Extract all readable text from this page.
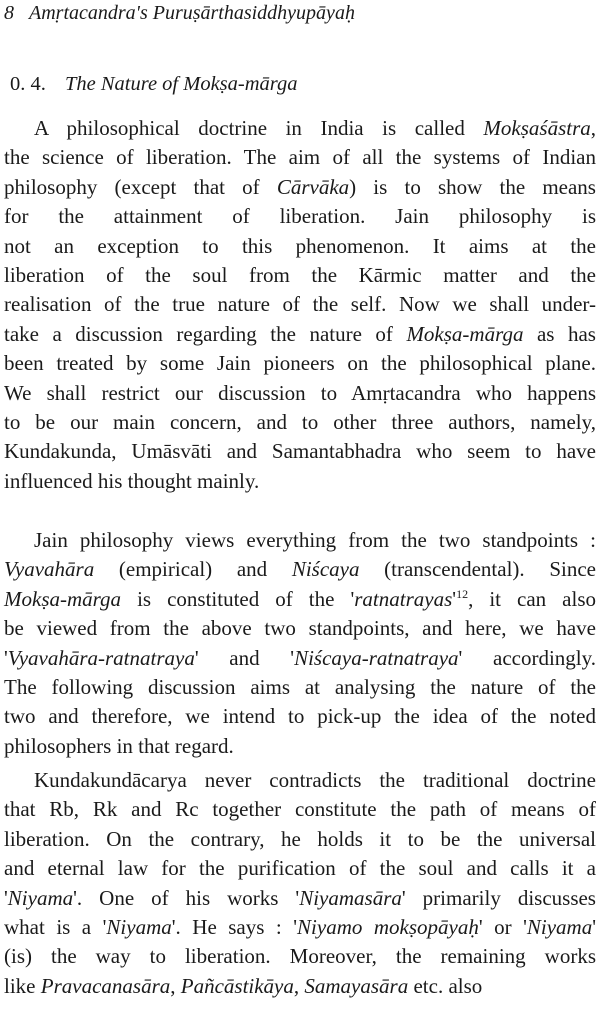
8 Amṛtacandra's Puruṣārthasiddhyupāyaḥ
0. 4. The Nature of Mokṣa-mārga
A philosophical doctrine in India is called Mokṣaśāstra,
the science of liberation. The aim of all the systems of Indian
philosophy (except that of Cārvāka) is to show the means
for the attainment of liberation. Jain philosophy is
not an exception to this phenomenon. It aims at the
liberation of the soul from the Kārmic matter and the
realisation of the true nature of the self. Now we shall under-
take a discussion regarding the nature of Mokṣa-mārga as has
been treated by some Jain pioneers on the philosophical plane.
We shall restrict our discussion to Amṛtacandra who happens
to be our main concern, and to other three authors, namely,
Kundakunda, Umāsvāti and Samantabhadra who seem to have
influenced his thought mainly.
Jain philosophy views everything from the two standpoints :
Vyavahāra (empirical) and Niścaya (transcendental). Since
Mokṣa-mārga is constituted of the '$ratnatrayas'^{12}$, it can also
be viewed from the above two standpoints, and here, we have
'Vyavahāra-ratnatraya' and 'Niścaya-ratnatraya' accordingly.
The following discussion aims at analysing the nature of the
two and therefore, we intend to pick-up the idea of the noted
philosophers in that regard.
Kundakundācarya never contradicts the traditional doctrine
that Rb, Rk and Rc together constitute the path of means of
liberation. On the contrary, he holds it to be the universal
and eternal law for the purification of the soul and calls it a
'Niyama'. One of his works 'Niyamasāra' primarily discusses
what is a 'Niyama'. He says : 'Niyamo mokṣopāyaḥ' or 'Niyama'
(is) the way to liberation. Moreover, the remaining works
like Pravacanasāra, Pañcāstikāya, Samayasāra etc. also
